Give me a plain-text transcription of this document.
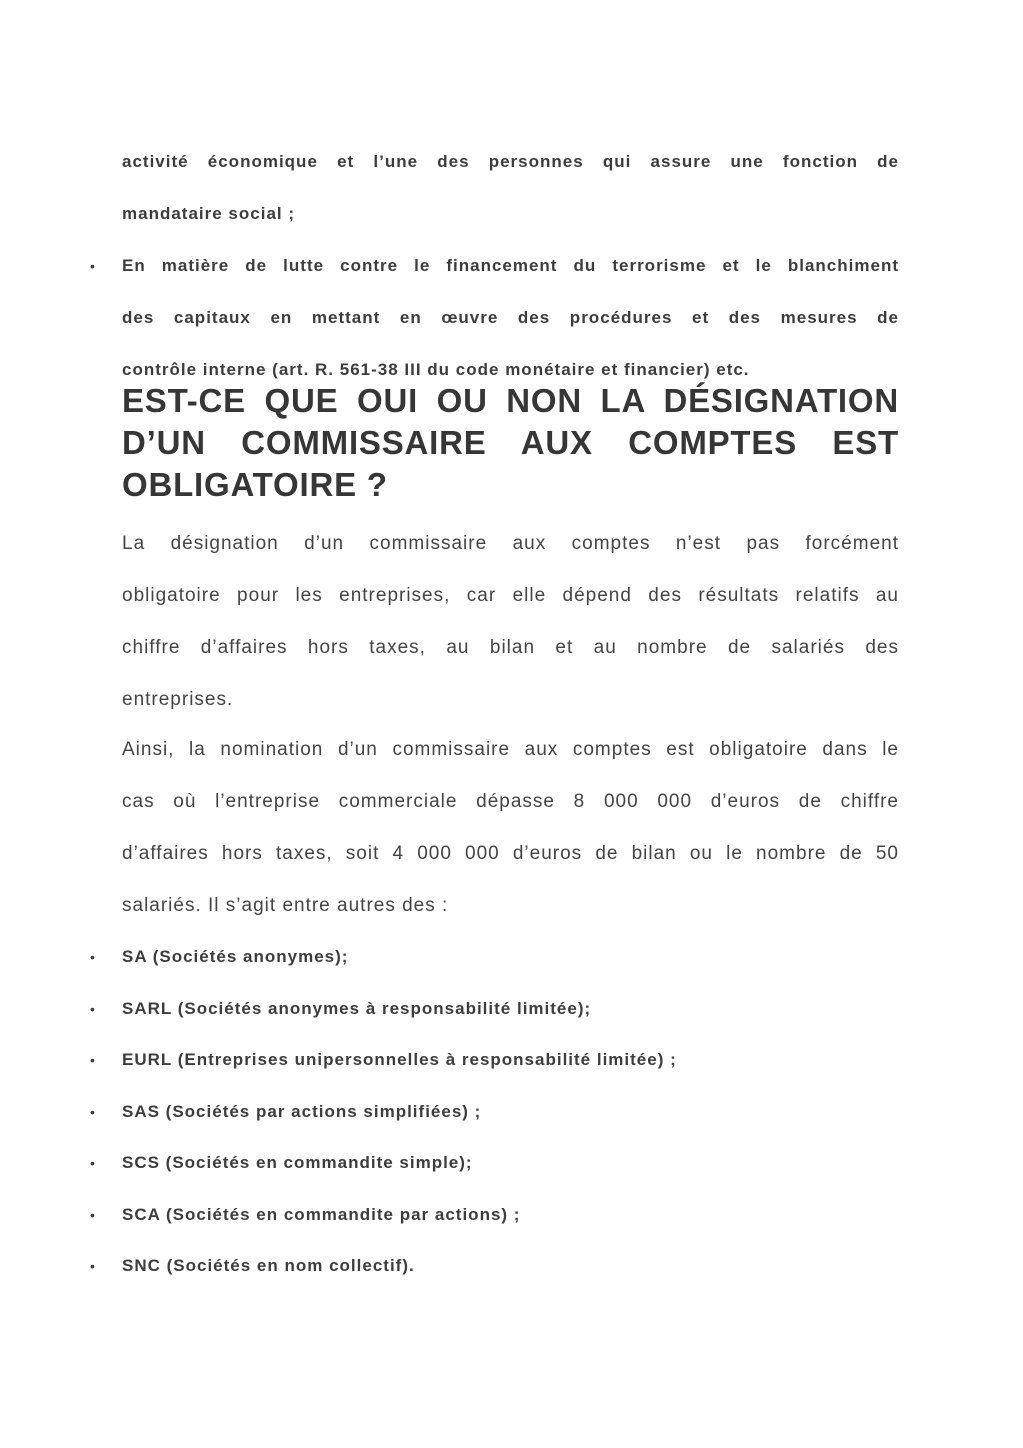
activité économique et l’une des personnes qui assure une fonction de
mandataire social ;
• En matière de lutte contre le financement du terrorisme et le blanchiment
des capitaux en mettant en œuvre des procédures et des mesures de
contrôle interne (art. R. 561-38 III du code monétaire et financier) etc.
EST-CE QUE OUI OU NON LA DÉSIGNATION
D’UN COMMISSAIRE AUX COMPTES EST
OBLIGATOIRE ?
La désignation d’un commissaire aux comptes n’est pas forcément
obligatoire pour les entreprises, car elle dépend des résultats relatifs au
chiffre d’affaires hors taxes, au bilan et au nombre de salariés des
entreprises.
Ainsi, la nomination d’un commissaire aux comptes est obligatoire dans le
cas où l’entreprise commerciale dépasse 8 000 000 d’euros de chiffre
d’affaires hors taxes, soit 4 000 000 d’euros de bilan ou le nombre de 50
salariés. Il s’agit entre autres des :
• SA (Sociétés anonymes);
• SARL (Sociétés anonymes à responsabilité limitée);
• EURL (Entreprises unipersonnelles à responsabilité limitée) ;
• SAS (Sociétés par actions simplifiées) ;
• SCS (Sociétés en commandite simple);
• SCA (Sociétés en commandite par actions) ;
• SNC (Sociétés en nom collectif).
